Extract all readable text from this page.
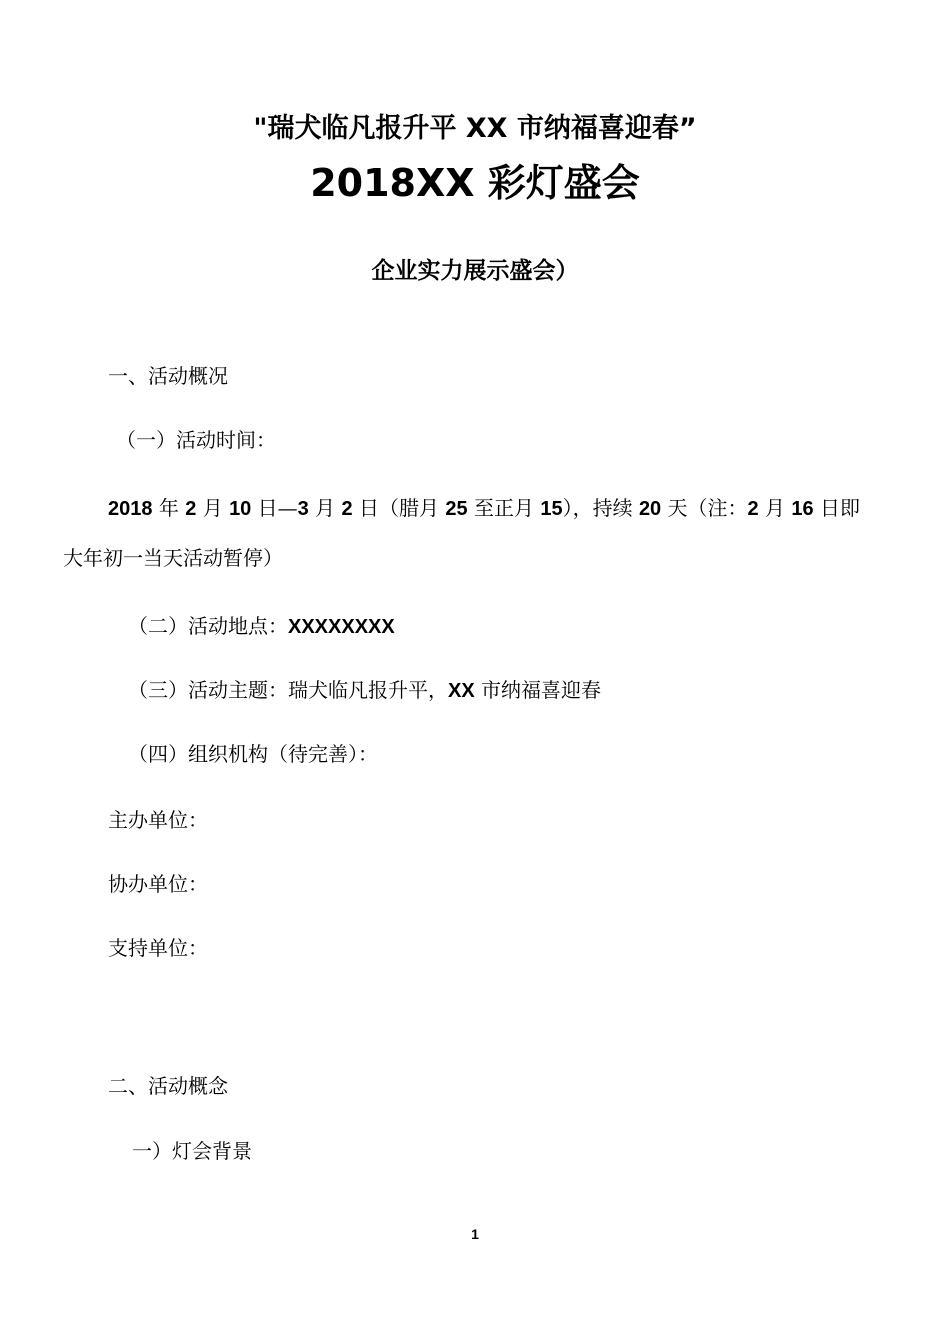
"瑞犬临凡报升平 XX 市纳福喜迎春”
2018XX 彩灯盛会
企业实力展示盛会）
一、活动概况
（一）活动时间：
2018 年 2 月 10 日—3 月 2 日（腊月 25 至正月 15），持续 20 天（注：2 月 16 日即
大年初一当天活动暂停）
（二）活动地点：XXXXXXXX
（三）活动主题：瑞犬临凡报升平，XX 市纳福喜迎春
（四）组织机构（待完善）：
主办单位：
协办单位：
支持单位：
二、活动概念
一）灯会背景
1
